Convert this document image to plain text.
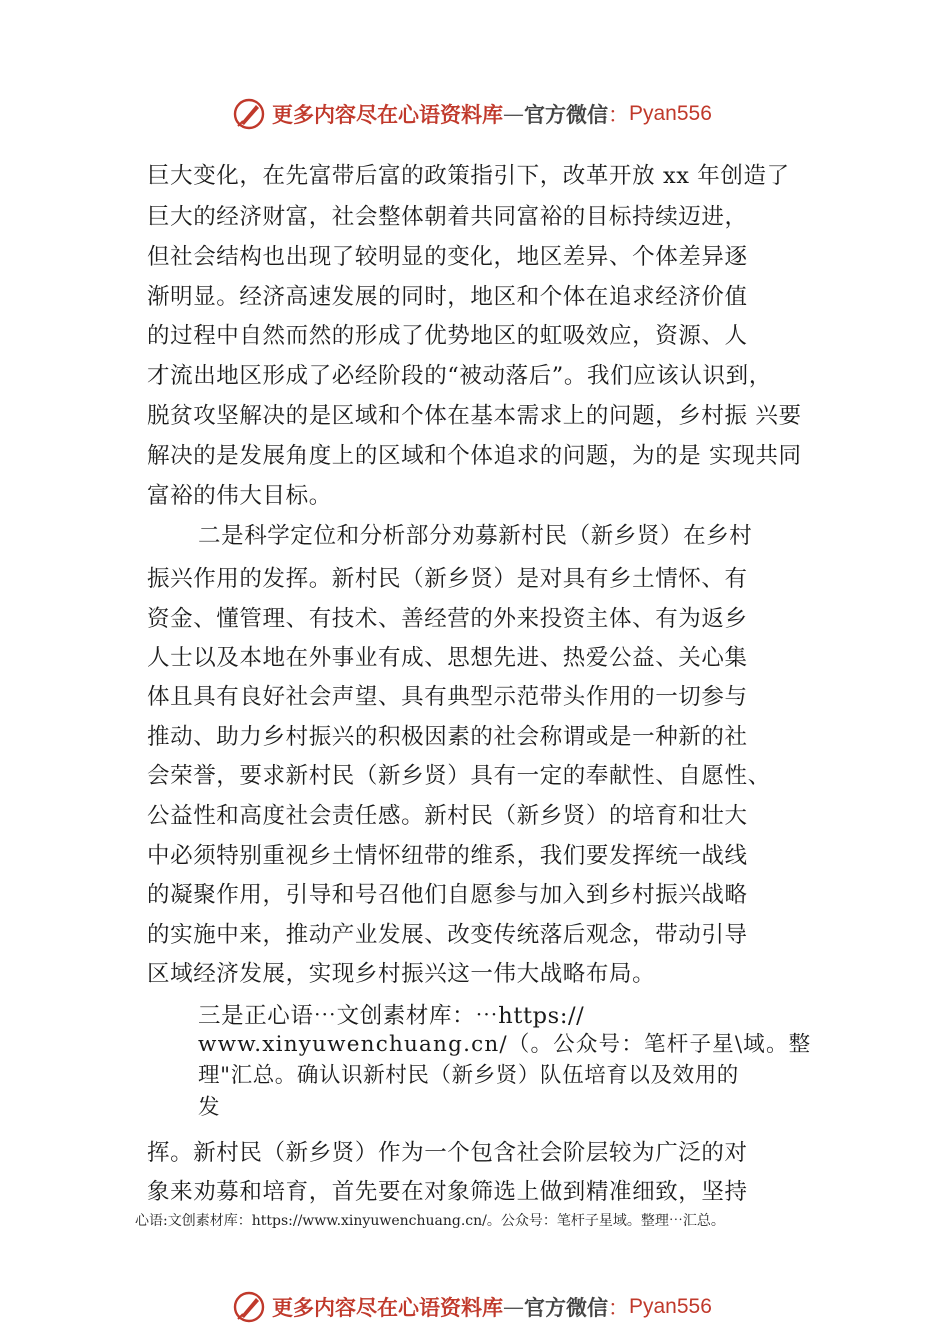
更多内容尽在心语资料库 — 官方微信 ： Pyan556
巨大变化，在先富带后富的政策指引下，改革开放 xx 年创造了
巨大的经济财富，社会整体朝着共同富裕的目标持续迈进，
但社会结构也出现了较明显的变化，地区差异、个体差异逐
渐明显。经济高速发展的同时，地区和个体在追求经济价值
的过程中自然而然的形成了优势地区的虹吸效应，资源、人
才流出地区形成了必经阶段的“被动落后”。我们应该认识到，
脱贫攻坚解决的是区域和个体在基本需求上的问题，乡村振 兴要
解决的是发展角度上的区域和个体追求的问题，为的是 实现共同
富裕的伟大目标。
二是科学定位和分析部分劝募新村民（新乡贤）在乡村
振兴作用的发挥。新村民（新乡贤）是对具有乡土情怀、有
资金、懂管理、有技术、善经营的外来投资主体、有为返乡
人士以及本地在外事业有成、思想先进、热爱公益、关心集
体且具有良好社会声望、具有典型示范带头作用的一切参与
推动、助力乡村振兴的积极因素的社会称谓或是一种新的社
会荣誉，要求新村民（新乡贤）具有一定的奉献性、自愿性、
公益性和高度社会责任感。新村民（新乡贤）的培育和壮大
中必须特别重视乡土情怀纽带的维系，我们要发挥统一战线
的凝聚作用，引导和号召他们自愿参与加入到乡村振兴战略
的实施中来，推动产业发展、改变传统落后观念，带动引导
区域经济发展，实现乡村振兴这一伟大战略布局。
三是正心语⋯文创素材库：⋯https://
www.xinyuwenchuang.cn/（。公众号：笔杆子星\域。整
理"汇总。确认识新村民（新乡贤）队伍培育以及效用的
发
挥。新村民（新乡贤）作为一个包含社会阶层较为广泛的对
象来劝募和培育，首先要在对象筛选上做到精准细致，坚持
心语:文创素材库：https://www.xinyuwenchuang.cn/。公众号：笔杆子星域。整理⋯汇总。
更多内容尽在心语资料库 — 官方微信 ： Pyan556
